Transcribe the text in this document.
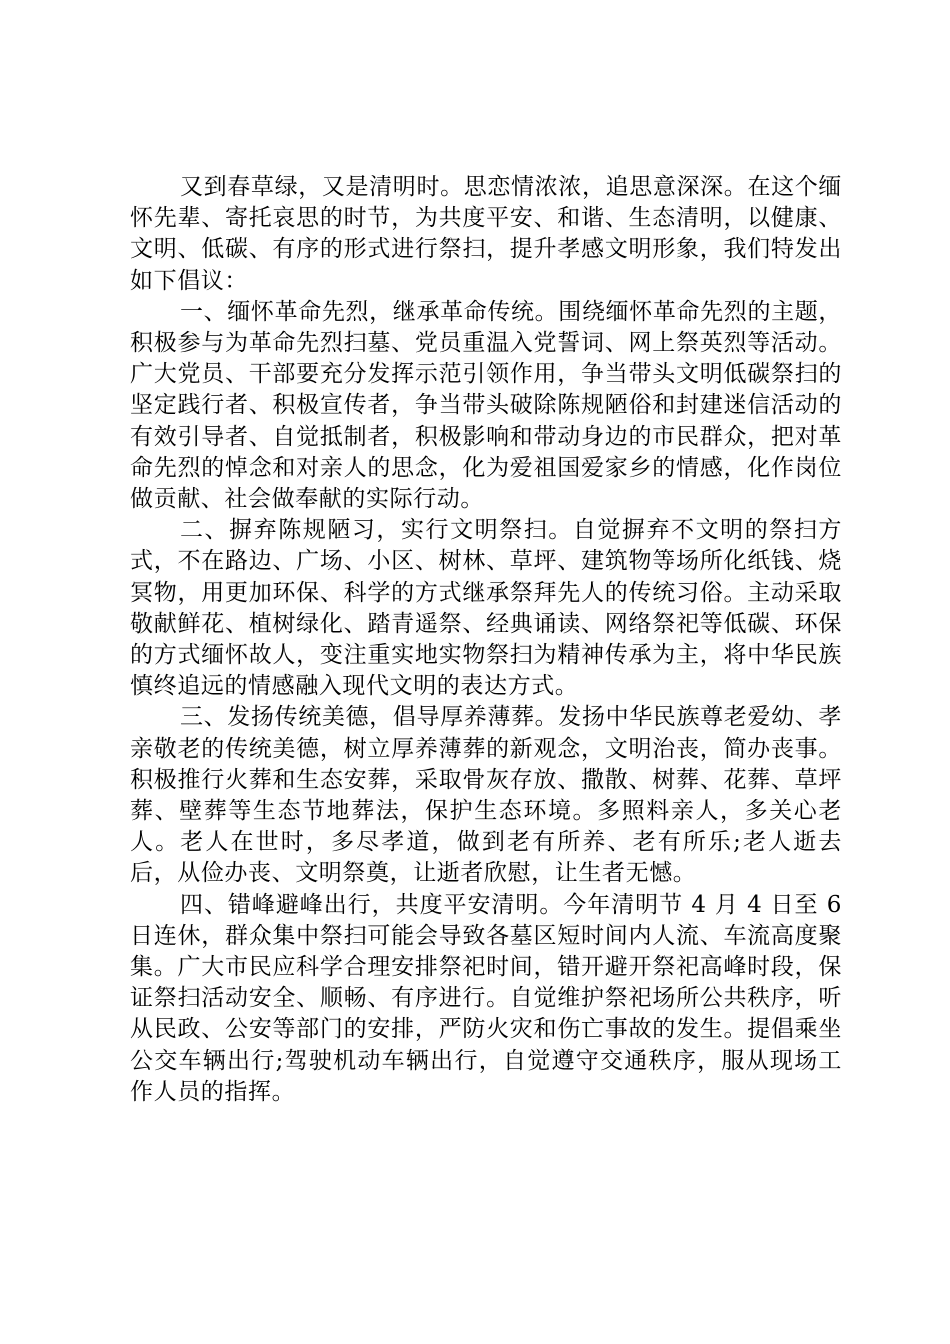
又到春草绿，又是清明时。思恋情浓浓，追思意深深。在这个缅怀先辈、寄托哀思的时节，为共度平安、和谐、生态清明，以健康、文明、低碳、有序的形式进行祭扫，提升孝感文明形象，我们特发出如下倡议：

一、缅怀革命先烈，继承革命传统。围绕缅怀革命先烈的主题，积极参与为革命先烈扫墓、党员重温入党誓词、网上祭英烈等活动。广大党员、干部要充分发挥示范引领作用，争当带头文明低碳祭扫的坚定践行者、积极宣传者，争当带头破除陈规陋俗和封建迷信活动的有效引导者、自觉抵制者，积极影响和带动身边的市民群众，把对革命先烈的悼念和对亲人的思念，化为爱祖国爱家乡的情感，化作岗位做贡献、社会做奉献的实际行动。

二、摒弃陈规陋习，实行文明祭扫。自觉摒弃不文明的祭扫方式，不在路边、广场、小区、树林、草坪、建筑物等场所化纸钱、烧冥物，用更加环保、科学的方式继承祭拜先人的传统习俗。主动采取敬献鲜花、植树绿化、踏青遥祭、经典诵读、网络祭祀等低碳、环保的方式缅怀故人，变注重实地实物祭扫为精神传承为主，将中华民族慎终追远的情感融入现代文明的表达方式。

三、发扬传统美德，倡导厚养薄葬。发扬中华民族尊老爱幼、孝亲敬老的传统美德，树立厚养薄葬的新观念，文明治丧，简办丧事。积极推行火葬和生态安葬，采取骨灰存放、撒散、树葬、花葬、草坪葬、壁葬等生态节地葬法，保护生态环境。多照料亲人，多关心老人。老人在世时，多尽孝道，做到老有所养、老有所乐;老人逝去后，从俭办丧、文明祭奠，让逝者欣慰，让生者无憾。

四、错峰避峰出行，共度平安清明。今年清明节 4 月 4 日至 6 日连休，群众集中祭扫可能会导致各墓区短时间内人流、车流高度聚集。广大市民应科学合理安排祭祀时间，错开避开祭祀高峰时段，保证祭扫活动安全、顺畅、有序进行。自觉维护祭祀场所公共秩序，听从民政、公安等部门的安排，严防火灾和伤亡事故的发生。提倡乘坐公交车辆出行;驾驶机动车辆出行，自觉遵守交通秩序，服从现场工作人员的指挥。
